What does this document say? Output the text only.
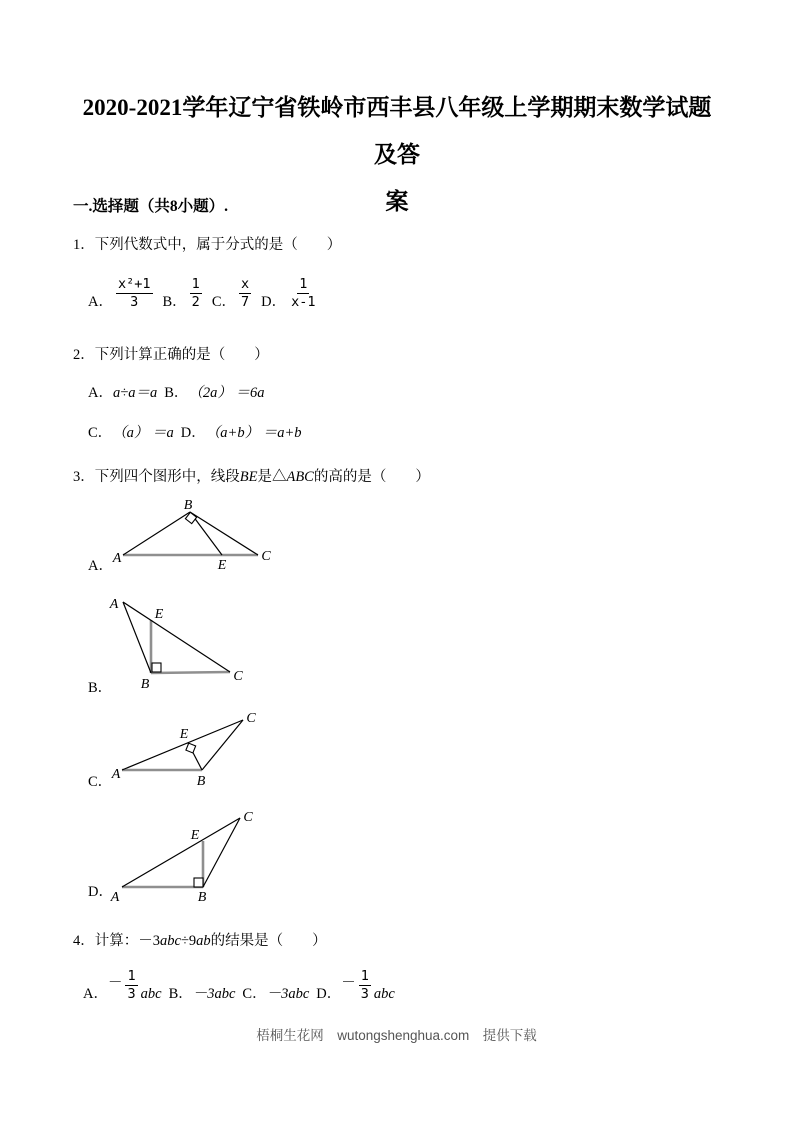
2020-2021学年辽宁省铁岭市西丰县八年级上学期期末数学试题及答
案
一.选择题（共8小题）.
1．下列代数式中，属于分式的是（　　）
A． $\frac{\text{x²+1}}{3}$ B． $\frac{1}{2}$ C． $\frac{x}{7}$ D． $\frac{1}{x-1}$
2．下列计算正确的是（　　）
A． a÷a＝a B． （2a） ＝6a
C． （a） ＝a D． （a+b） ＝a+b
3．下列四个图形中，线段BE是△ABC的高的是（　　）
A．
B
A	C
E
B．
A
E
B
C
C．
C
E
A	B
D．
C
E
A	B
4．计算：－3abc÷9ab的结果是（　　）
A．
－ $\frac{1}{3}$ abc B． －3abc C． －3abc D．
－ $\frac{1}{3}$ abc
梧桐生花网　wutongshenghua.com　提供下载
